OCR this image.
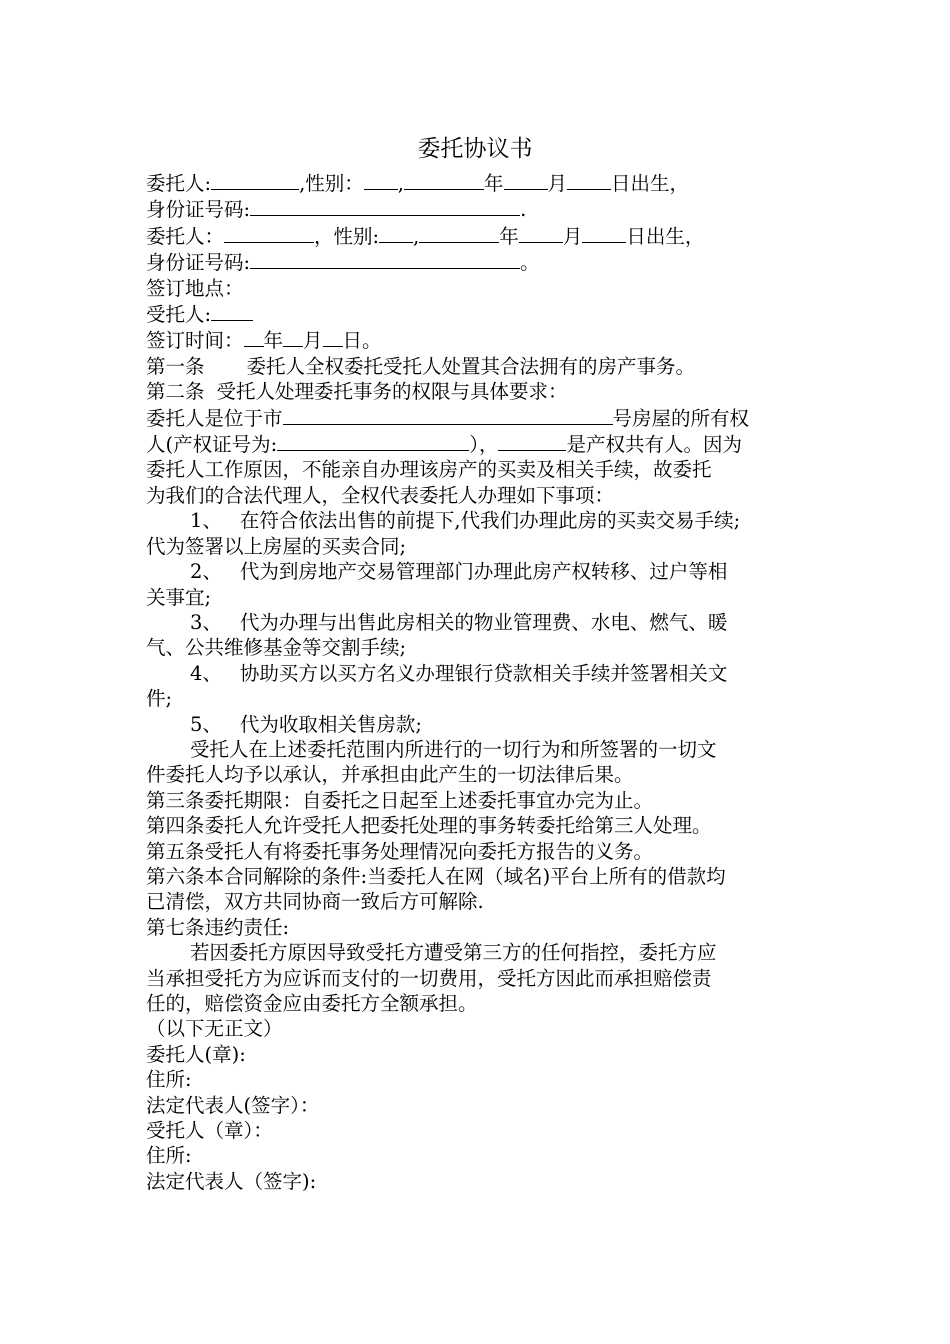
委托协议书
委托人:	,性别： ,	年 月 日出生，
身份证号码:	.
委托人：	，性别: ,	年 月 日出生，
身份证号码:	。
签订地点：
受托人:
签订时间： 年 月 日。
第一条 委托人全权委托受托人处置其合法拥有的房产事务。
第二条 受托人处理委托事务的权限与具体要求：
委托人是位于市	号房屋的所有权
人(产权证号为:	），	是产权共有人。因为
委托人工作原因，不能亲自办理该房产的买卖及相关手续，故委托
为我们的合法代理人，全权代表委托人办理如下事项：
1、 在符合依法出售的前提下,代我们办理此房的买卖交易手续;
代为签署以上房屋的买卖合同;
2、 代为到房地产交易管理部门办理此房产权转移、过户等相
关事宜;
3、 代为办理与出售此房相关的物业管理费、水电、燃气、暖
气、公共维修基金等交割手续;
4、 协助买方以买方名义办理银行贷款相关手续并签署相关文
件;
5、 代为收取相关售房款;
受托人在上述委托范围内所进行的一切行为和所签署的一切文
件委托人均予以承认，并承担由此产生的一切法律后果。
第三条委托期限：自委托之日起至上述委托事宜办完为止。
第四条委托人允许受托人把委托处理的事务转委托给第三人处理。
第五条受托人有将委托事务处理情况向委托方报告的义务。
第六条本合同解除的条件:当委托人在网（域名)平台上所有的借款均
已清偿，双方共同协商一致后方可解除.
第七条违约责任:
若因委托方原因导致受托方遭受第三方的任何指控，委托方应
当承担受托方为应诉而支付的一切费用，受托方因此而承担赔偿责
任的，赔偿资金应由委托方全额承担。
（以下无正文）
委托人(章):
住所:
法定代表人(签字）：
受托人（章）：
住所:
法定代表人（签字):
